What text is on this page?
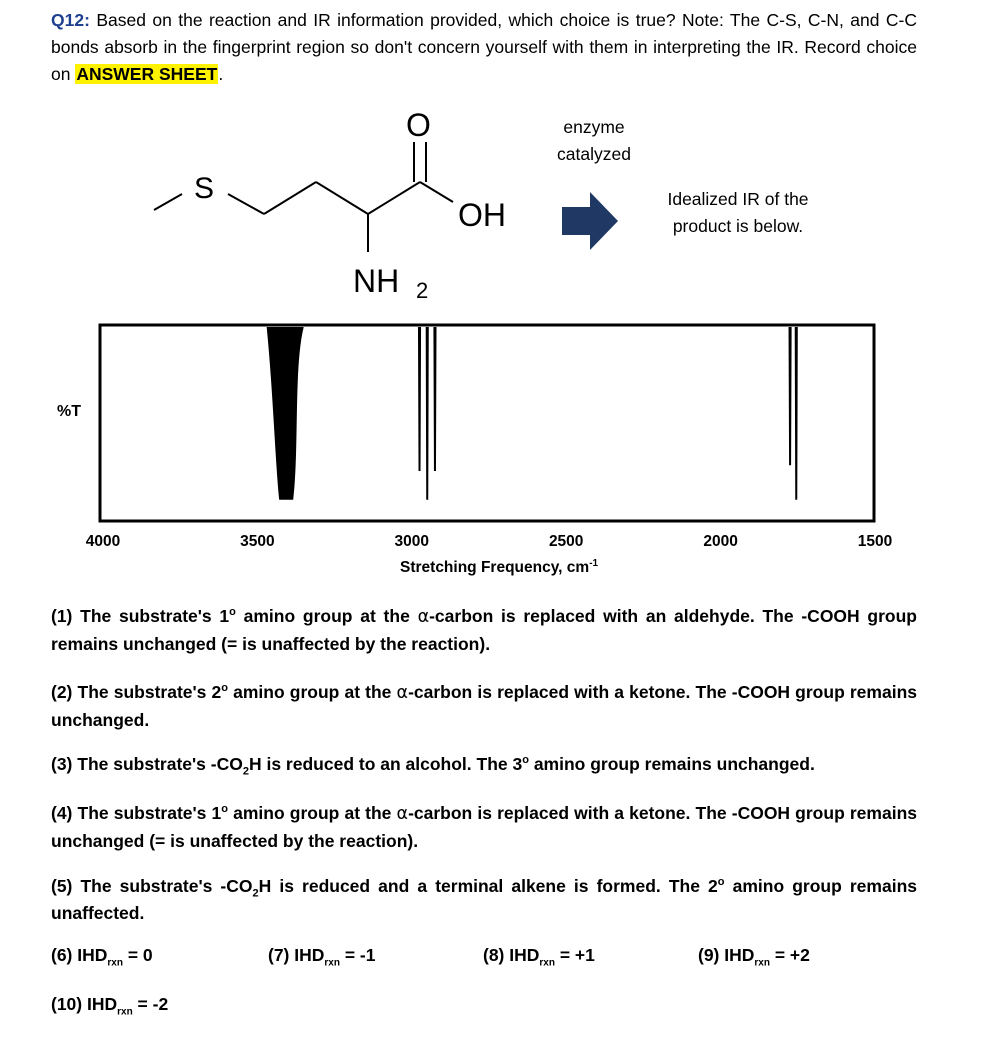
Q12: Based on the reaction and IR information provided, which choice is true? Note: The C-S, C-N, and C-C bonds absorb in the fingerprint region so don't concern yourself with them in interpreting the IR. Record choice on ANSWER SHEET.
S
O
OH
NH 2
enzyme
catalyzed
Idealized IR of the
product is below.
%T
4000	3500	3000	2500	2000	1500
Stretching Frequency, $cm^{-1}$
(1) The substrate's 1$^o$ amino group at the α-carbon is replaced with an aldehyde. The -COOH group remains unchanged (= is unaffected by the reaction).
(2) The substrate's 2$^o$ amino group at the α-carbon is replaced with a ketone. The -COOH group remains unchanged.
(3) The substrate's $-CO_2H$ is reduced to an alcohol. The 3$^o$ amino group remains unchanged.
(4) The substrate's 1$^o$ amino group at the α-carbon is replaced with a ketone. The -COOH group remains unchanged (= is unaffected by the reaction).
(5) The substrate's $-CO_2H$ is reduced and a terminal alkene is formed. The 2$^o$ amino group remains unaffected.
(6) $IHD_{rxn} = 0$	(7) $IHD_{rxn} = -1$	(8) $IHD_{rxn} = +1$	(9) $IHD_{rxn} = +2$
(10) $IHD_{rxn} = -2$
